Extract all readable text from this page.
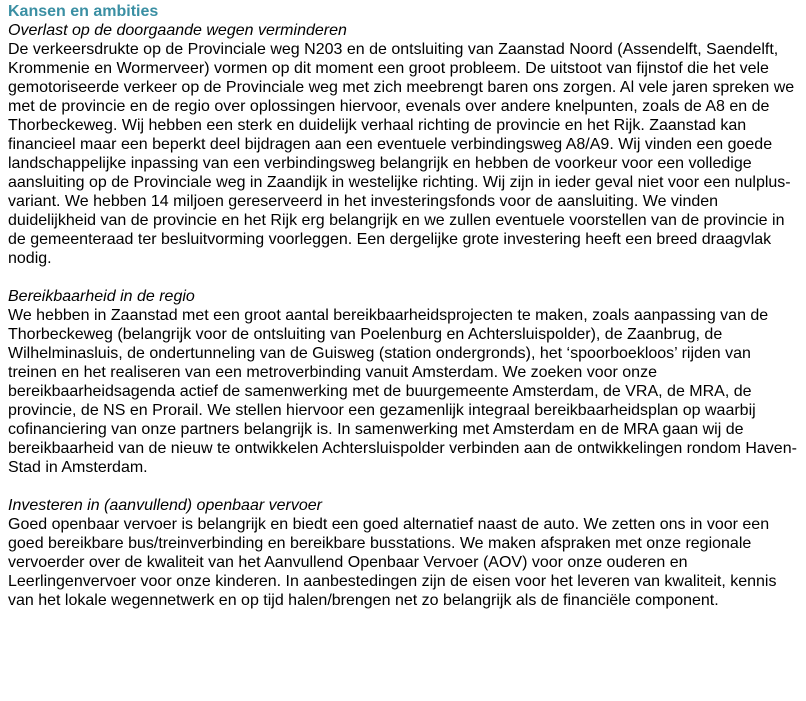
Kansen en ambities
Overlast op de doorgaande wegen verminderen

De verkeersdrukte op de Provinciale weg N203 en de ontsluiting van Zaanstad Noord (Assendelft, Saendelft, Krommenie en Wormerveer) vormen op dit moment een groot probleem. De uitstoot van fijnstof die het vele gemotoriseerde verkeer op de Provinciale weg met zich meebrengt baren ons zorgen. Al vele jaren spreken we met de provincie en de regio over oplossingen hiervoor, evenals over andere knelpunten, zoals de A8 en de Thorbeckeweg. Wij hebben een sterk en duidelijk verhaal richting de provincie en het Rijk. Zaanstad kan financieel maar een beperkt deel bijdragen aan een eventuele verbindingsweg A8/A9. Wij vinden een goede landschappelijke inpassing van een verbindingsweg belangrijk en hebben de voorkeur voor een volledige aansluiting op de Provinciale weg in Zaandijk in westelijke richting. Wij zijn in ieder geval niet voor een nulplus-variant. We hebben 14 miljoen gereserveerd in het investeringsfonds voor de aansluiting. We vinden duidelijkheid van de provincie en het Rijk erg belangrijk en we zullen eventuele voorstellen van de provincie in de gemeenteraad ter besluitvorming voorleggen. Een dergelijke grote investering heeft een breed draagvlak nodig.

Bereikbaarheid in de regio

We hebben in Zaanstad met een groot aantal bereikbaarheidsprojecten te maken, zoals aanpassing van de Thorbeckeweg (belangrijk voor de ontsluiting van Poelenburg en Achtersluispolder), de Zaanbrug, de Wilhelminasluis, de ondertunneling van de Guisweg (station ondergronds), het ‘spoorboekloos’ rijden van treinen en het realiseren van een metroverbinding vanuit Amsterdam. We zoeken voor onze bereikbaarheidsagenda actief de samenwerking met de buurgemeente Amsterdam, de VRA, de MRA, de provincie, de NS en Prorail. We stellen hiervoor een gezamenlijk integraal bereikbaarheidsplan op waarbij cofinanciering van onze partners belangrijk is. In samenwerking met Amsterdam en de MRA gaan wij de bereikbaarheid van de nieuw te ontwikkelen Achtersluispolder verbinden aan de ontwikkelingen rondom Haven-Stad in Amsterdam.

Investeren in (aanvullend) openbaar vervoer

Goed openbaar vervoer is belangrijk en biedt een goed alternatief naast de auto. We zetten ons in voor een goed bereikbare bus/treinverbinding en bereikbare busstations. We maken afspraken met onze regionale vervoerder over de kwaliteit van het Aanvullend Openbaar Vervoer (AOV) voor onze ouderen en Leerlingenvervoer voor onze kinderen. In aanbestedingen zijn de eisen voor het leveren van kwaliteit, kennis van het lokale wegennetwerk en op tijd halen/brengen net zo belangrijk als de financiële component.
